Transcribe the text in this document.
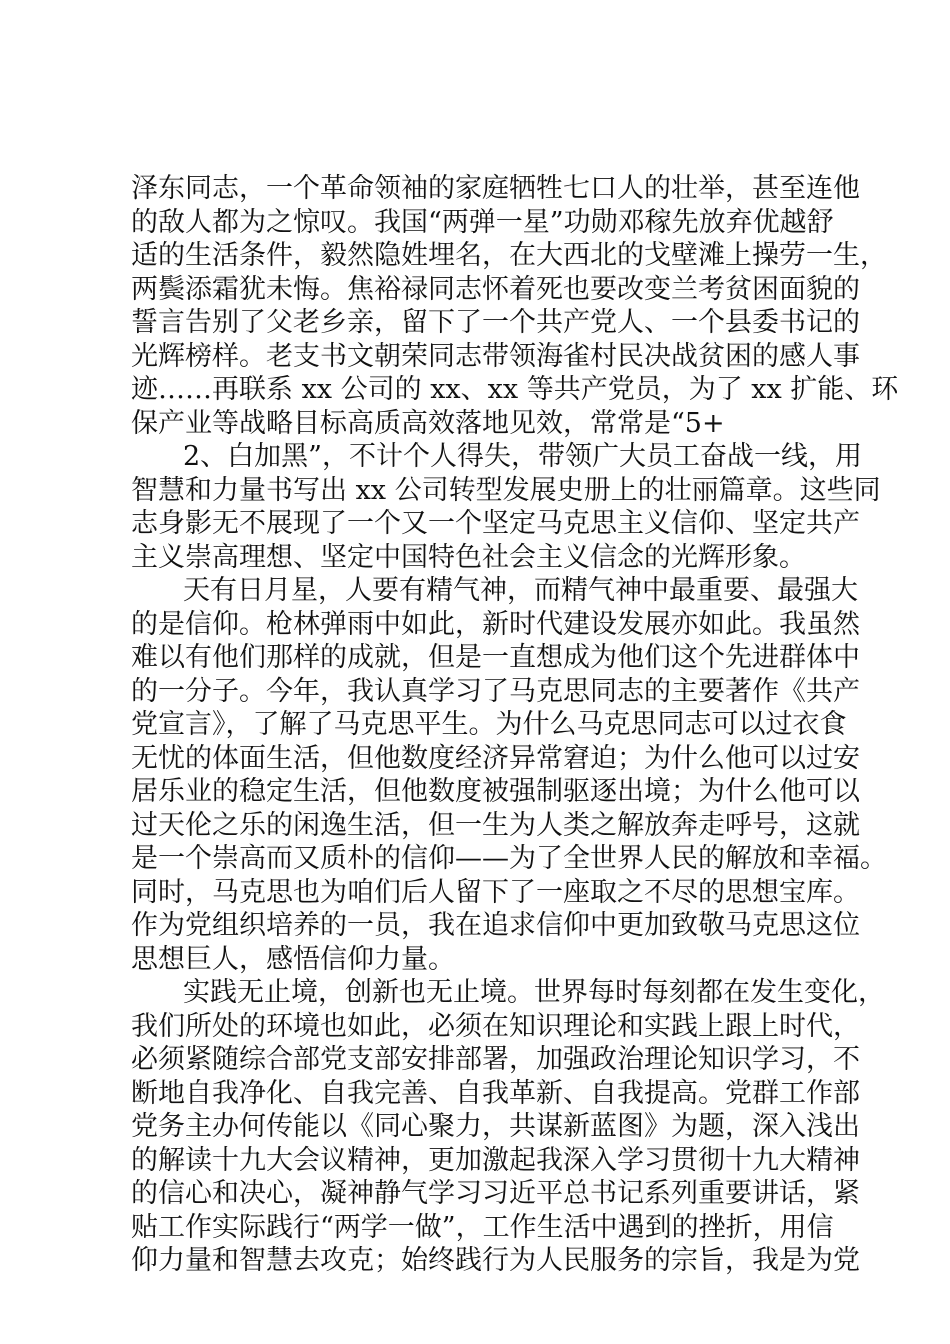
泽东同志，一个革命领袖的家庭牺牲七口人的壮举，甚至连他
的敌人都为之惊叹。我国“两弹一星”功勋邓稼先放弃优越舒
适的生活条件，毅然隐姓埋名，在大西北的戈壁滩上操劳一生，
两鬓添霜犹未悔。焦裕禄同志怀着死也要改变兰考贫困面貌的
誓言告别了父老乡亲，留下了一个共产党人、一个县委书记的
光辉榜样。老支书文朝荣同志带领海雀村民决战贫困的感人事
迹……再联系 xx 公司的 xx、xx 等共产党员，为了 xx 扩能、环
保产业等战略目标高质高效落地见效，常常是“5+
2、白加黑”，不计个人得失，带领广大员工奋战一线，用
智慧和力量书写出 xx 公司转型发展史册上的壮丽篇章。这些同
志身影无不展现了一个又一个坚定马克思主义信仰、坚定共产
主义崇高理想、坚定中国特色社会主义信念的光辉形象。
天有日月星，人要有精气神，而精气神中最重要、最强大
的是信仰。枪林弹雨中如此，新时代建设发展亦如此。我虽然
难以有他们那样的成就，但是一直想成为他们这个先进群体中
的一分子。今年，我认真学习了马克思同志的主要著作《共产
党宣言》，了解了马克思平生。为什么马克思同志可以过衣食
无忧的体面生活，但他数度经济异常窘迫；为什么他可以过安
居乐业的稳定生活，但他数度被强制驱逐出境；为什么他可以
过天伦之乐的闲逸生活，但一生为人类之解放奔走呼号，这就
是一个崇高而又质朴的信仰——为了全世界人民的解放和幸福。
同时，马克思也为咱们后人留下了一座取之不尽的思想宝库。
作为党组织培养的一员，我在追求信仰中更加致敬马克思这位
思想巨人，感悟信仰力量。
实践无止境，创新也无止境。世界每时每刻都在发生变化，
我们所处的环境也如此，必须在知识理论和实践上跟上时代，
必须紧随综合部党支部安排部署，加强政治理论知识学习，不
断地自我净化、自我完善、自我革新、自我提高。党群工作部
党务主办何传能以《同心聚力，共谋新蓝图》为题，深入浅出
的解读十九大会议精神，更加激起我深入学习贯彻十九大精神
的信心和决心，凝神静气学习习近平总书记系列重要讲话，紧
贴工作实际践行“两学一做”，工作生活中遇到的挫折，用信
仰力量和智慧去攻克；始终践行为人民服务的宗旨，我是为党
